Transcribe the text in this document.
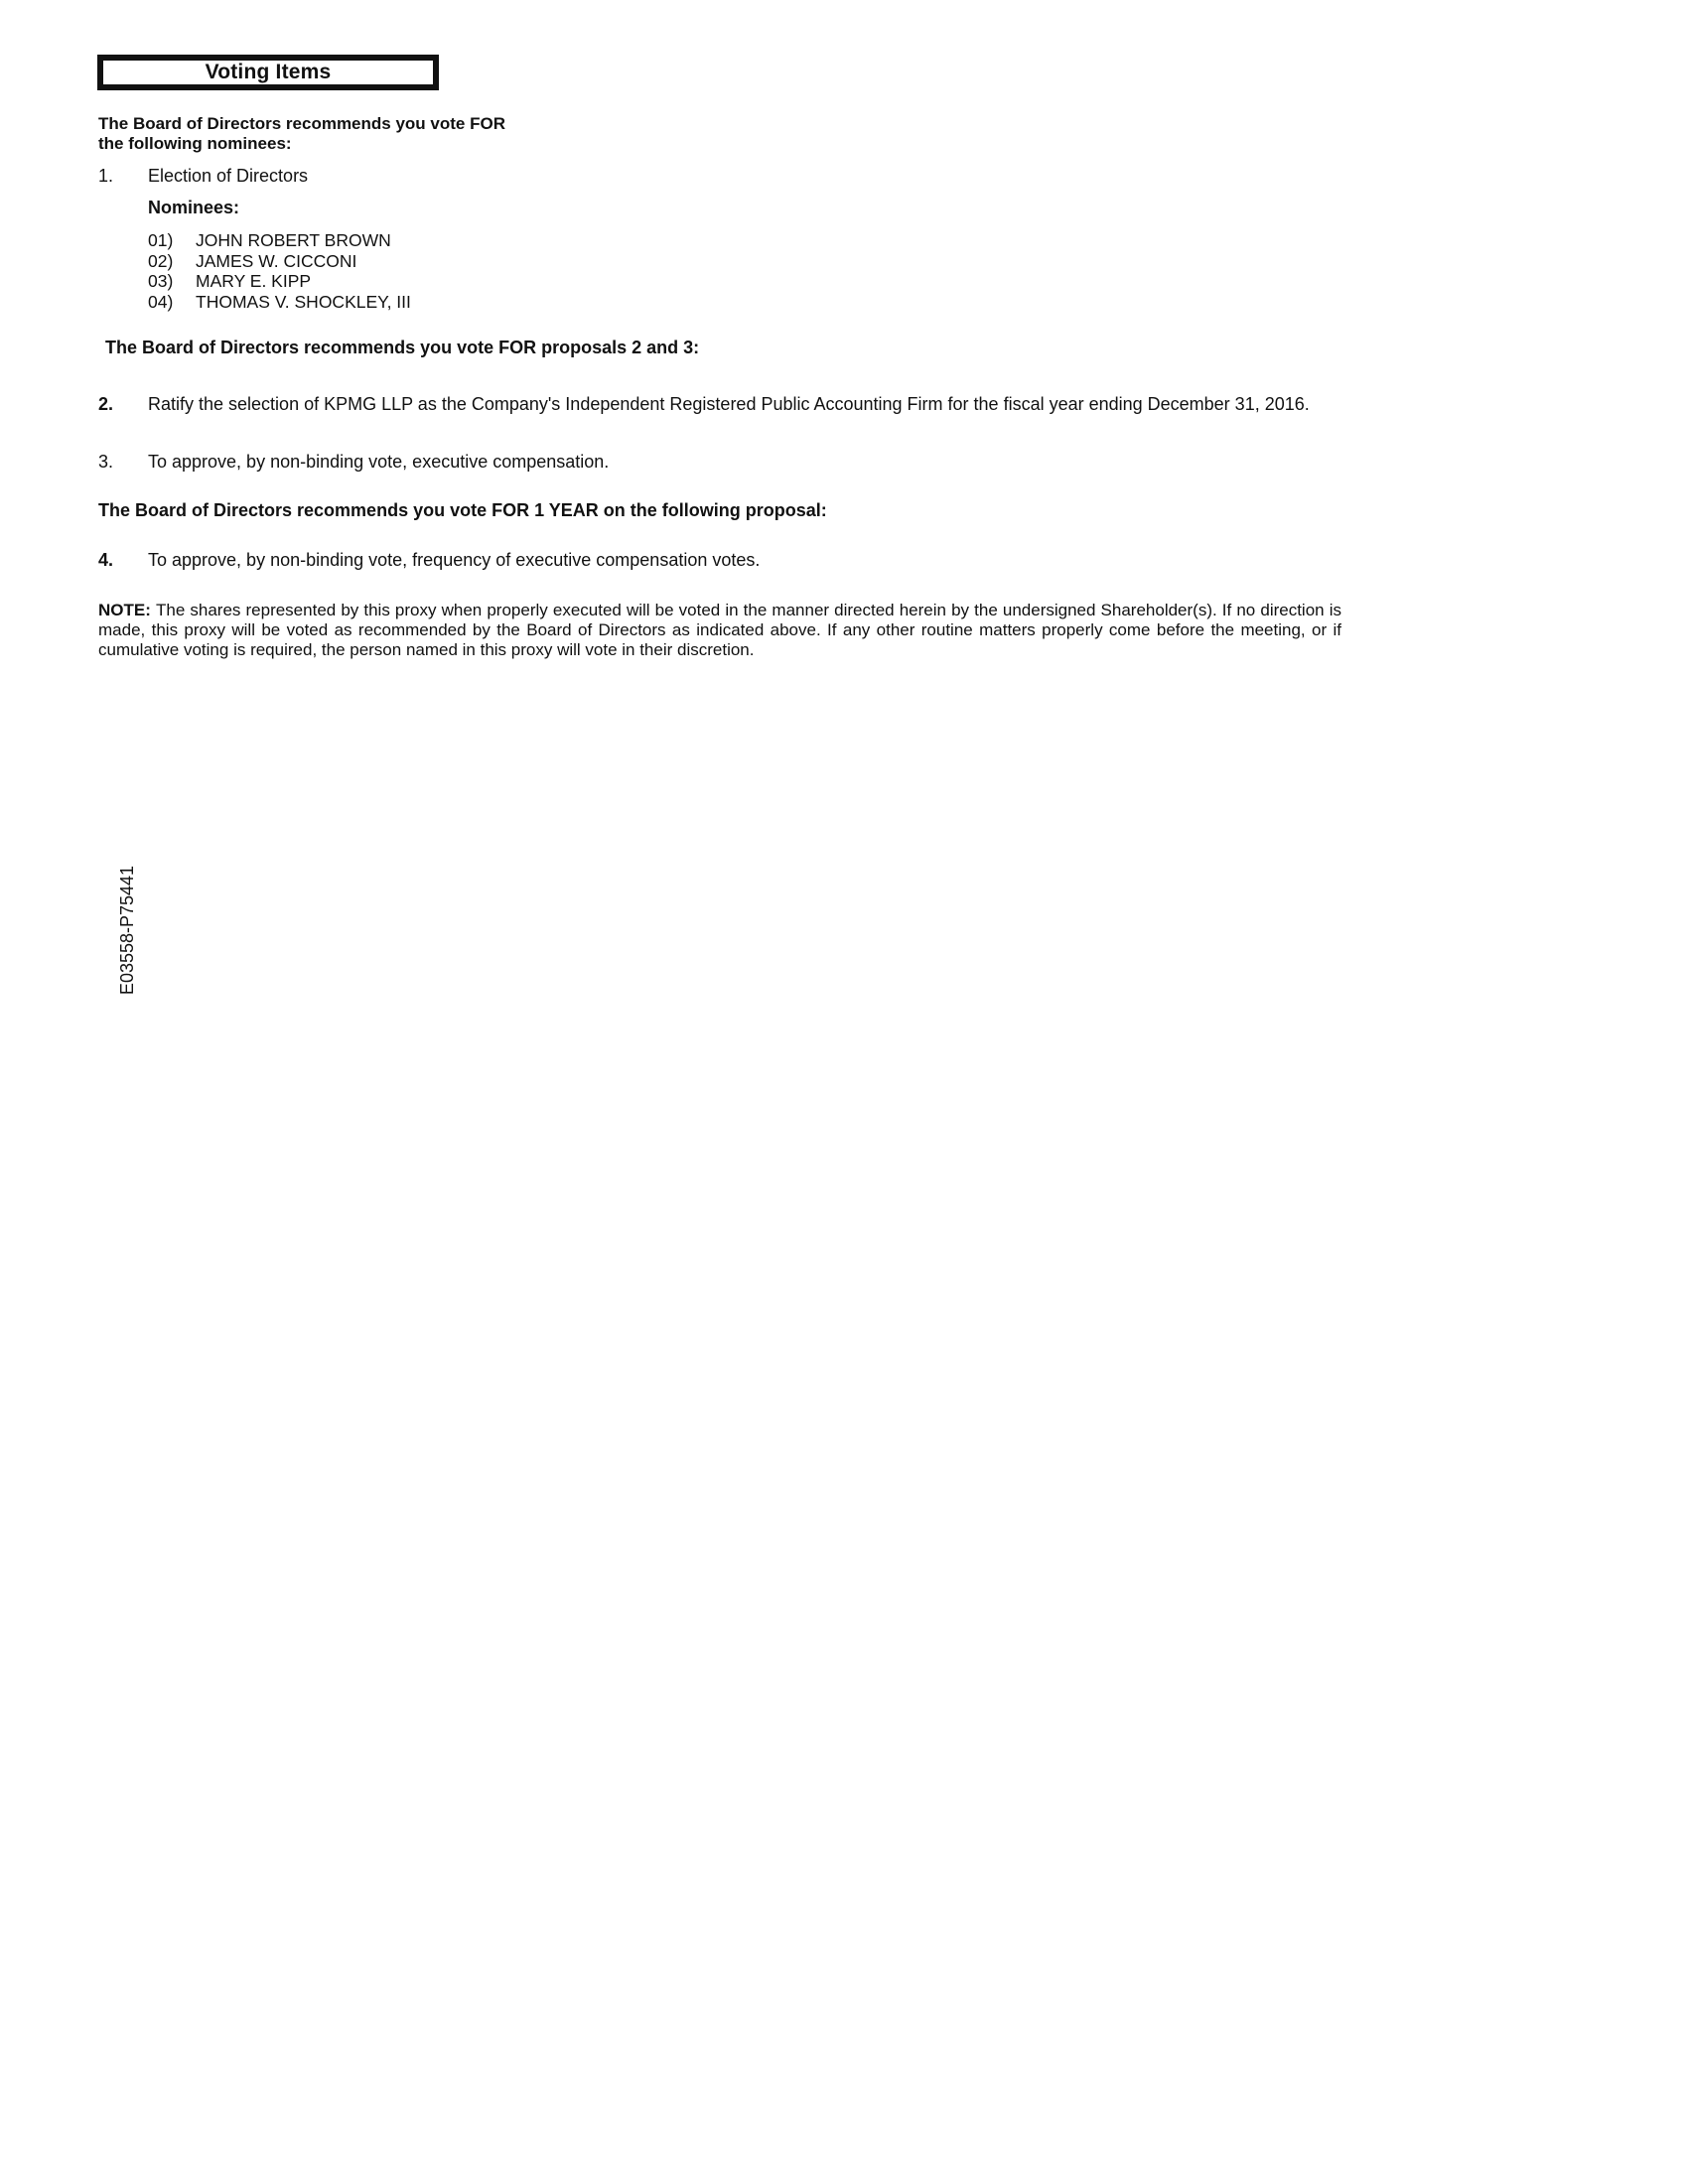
Voting Items
The Board of Directors recommends you vote FOR
the following nominees:
1. Election of Directors
Nominees:
01)	JOHN ROBERT BROWN
02)	JAMES W. CICCONI
03)	MARY E. KIPP
04)	THOMAS V. SHOCKLEY, III
The Board of Directors recommends you vote FOR proposals 2 and 3:
2. Ratify the selection of KPMG LLP as the Company's Independent Registered Public Accounting Firm for the fiscal year ending December 31, 2016.
3. To approve, by non-binding vote, executive compensation.
The Board of Directors recommends you vote FOR 1 YEAR on the following proposal:
4. To approve, by non-binding vote, frequency of executive compensation votes.
NOTE: The shares represented by this proxy when properly executed will be voted in the manner directed herein by the undersigned Shareholder(s). If no direction is made, this proxy will be voted as recommended by the Board of Directors as indicated above. If any other routine matters properly come before the meeting, or if cumulative voting is required, the person named in this proxy will vote in their discretion.
E03558-P75441
